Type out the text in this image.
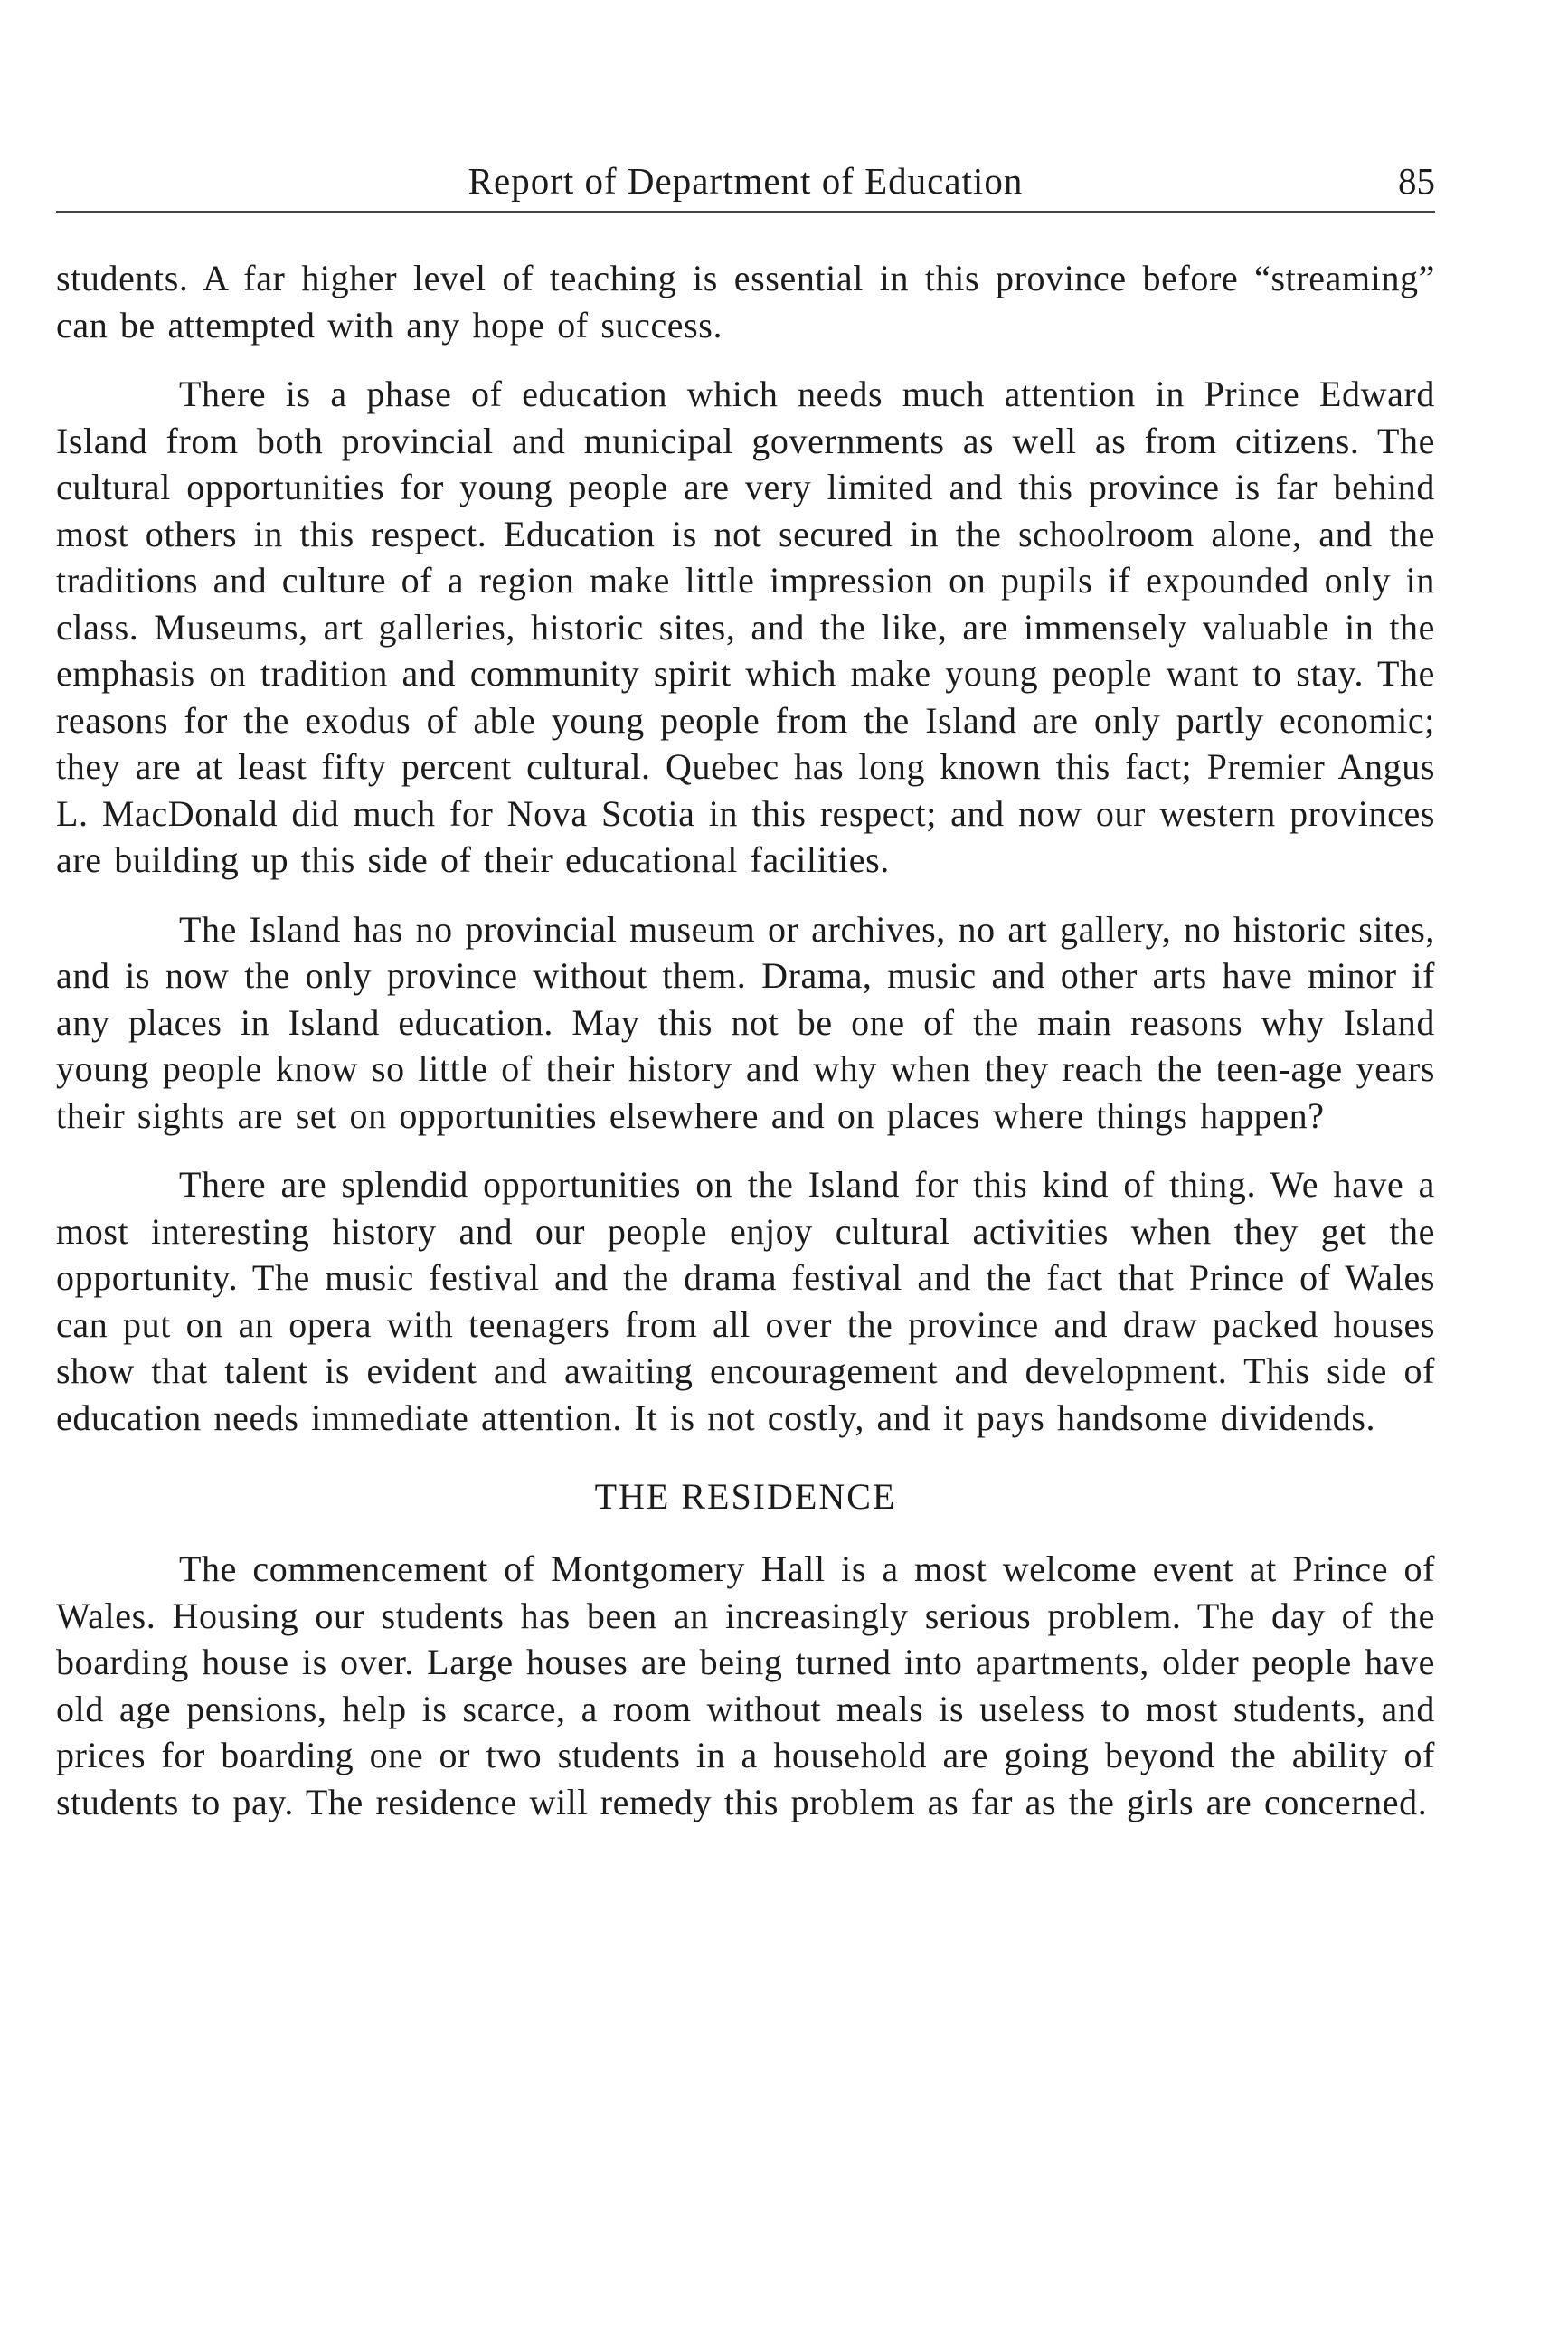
Report of Department of Education	85

students. A far higher level of teaching is essential in this province before “streaming” can be attempted with any hope of success.

There is a phase of education which needs much attention in Prince Edward Island from both provincial and municipal governments as well as from citizens. The cultural opportunities for young people are very limited and this province is far behind most others in this respect. Education is not secured in the schoolroom alone, and the traditions and culture of a region make little impression on pupils if expounded only in class. Museums, art galleries, historic sites, and the like, are immensely valuable in the emphasis on tradition and community spirit which make young people want to stay. The reasons for the exodus of able young people from the Island are only partly economic; they are at least fifty percent cultural. Quebec has long known this fact; Premier Angus L. MacDonald did much for Nova Scotia in this respect; and now our western provinces are building up this side of their educational facilities.

The Island has no provincial museum or archives, no art gallery, no historic sites, and is now the only province without them. Drama, music and other arts have minor if any places in Island education. May this not be one of the main reasons why Island young people know so little of their history and why when they reach the teen-age years their sights are set on opportunities elsewhere and on places where things happen?

There are splendid opportunities on the Island for this kind of thing. We have a most interesting history and our people enjoy cultural activities when they get the opportunity. The music festival and the drama festival and the fact that Prince of Wales can put on an opera with teenagers from all over the province and draw packed houses show that talent is evident and awaiting encouragement and development. This side of education needs immediate attention. It is not costly, and it pays handsome dividends.

THE RESIDENCE

The commencement of Montgomery Hall is a most welcome event at Prince of Wales. Housing our students has been an increasingly serious problem. The day of the boarding house is over. Large houses are being turned into apartments, older people have old age pensions, help is scarce, a room without meals is useless to most students, and prices for boarding one or two students in a household are going beyond the ability of students to pay. The residence will remedy this problem as far as the girls are concerned.
